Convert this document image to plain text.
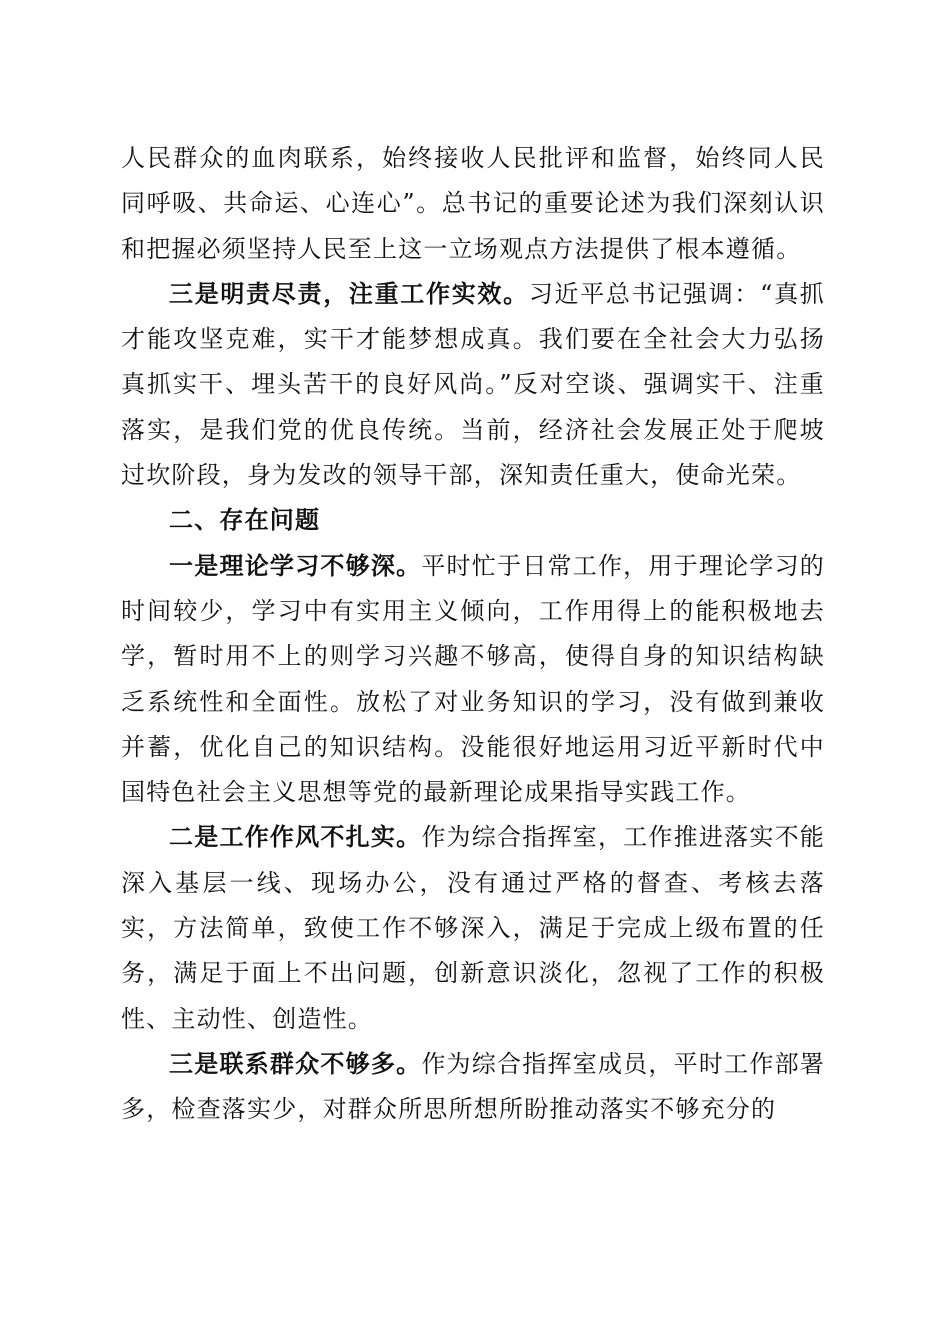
人民群众的血肉联系，始终接收人民批评和监督，始终同人民同呼吸、共命运、心连心”。总书记的重要论述为我们深刻认识和把握必须坚持人民至上这一立场观点方法提供了根本遵循。

三是明责尽责，注重工作实效。习近平总书记强调：“真抓才能攻坚克难，实干才能梦想成真。我们要在全社会大力弘扬真抓实干、埋头苦干的良好风尚。”反对空谈、强调实干、注重落实，是我们党的优良传统。当前，经济社会发展正处于爬坡过坎阶段，身为发改的领导干部，深知责任重大，使命光荣。

二、存在问题

一是理论学习不够深。平时忙于日常工作，用于理论学习的时间较少，学习中有实用主义倾向，工作用得上的能积极地去学，暂时用不上的则学习兴趣不够高，使得自身的知识结构缺乏系统性和全面性。放松了对业务知识的学习，没有做到兼收并蓄，优化自己的知识结构。没能很好地运用习近平新时代中国特色社会主义思想等党的最新理论成果指导实践工作。

二是工作作风不扎实。作为综合指挥室，工作推进落实不能深入基层一线、现场办公，没有通过严格的督查、考核去落实，方法简单，致使工作不够深入，满足于完成上级布置的任务，满足于面上不出问题，创新意识淡化，忽视了工作的积极性、主动性、创造性。

三是联系群众不够多。作为综合指挥室成员，平时工作部署多，检查落实少，对群众所思所想所盼推动落实不够充分的
